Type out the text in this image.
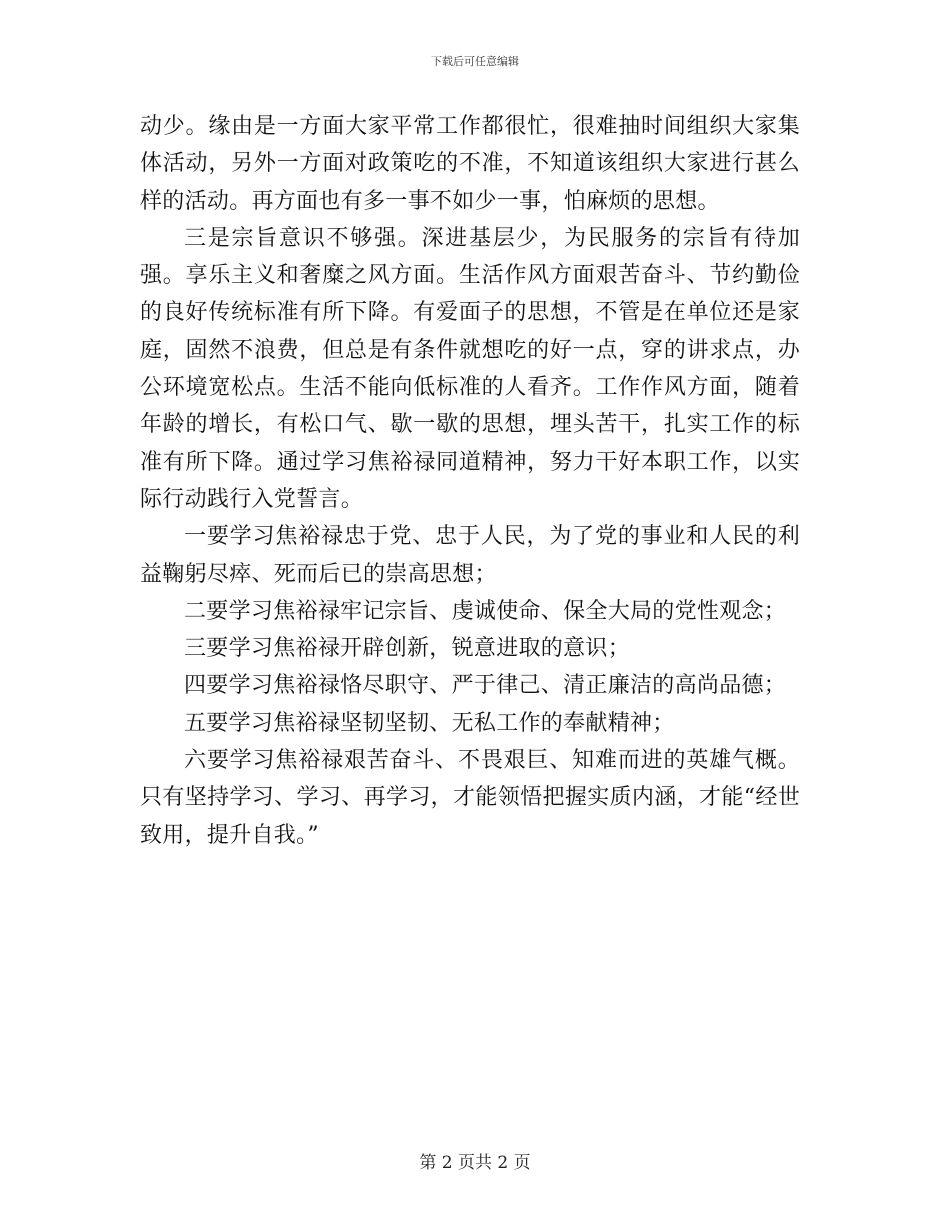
下载后可任意编辑

动少。缘由是一方面大家平常工作都很忙，很难抽时间组织大家集体活动，另外一方面对政策吃的不准，不知道该组织大家进行甚么样的活动。再方面也有多一事不如少一事，怕麻烦的思想。

三是宗旨意识不够强。深进基层少，为民服务的宗旨有待加强。享乐主义和奢糜之风方面。生活作风方面艰苦奋斗、节约勤俭的良好传统标准有所下降。有爱面子的思想，不管是在单位还是家庭，固然不浪费，但总是有条件就想吃的好一点，穿的讲求点，办公环境宽松点。生活不能向低标准的人看齐。工作作风方面，随着年龄的增长，有松口气、歇一歇的思想，埋头苦干，扎实工作的标准有所下降。通过学习焦裕禄同道精神，努力干好本职工作，以实际行动践行入党誓言。

一要学习焦裕禄忠于党、忠于人民，为了党的事业和人民的利益鞠躬尽瘁、死而后已的崇高思想；

二要学习焦裕禄牢记宗旨、虔诚使命、保全大局的党性观念；

三要学习焦裕禄开辟创新，锐意进取的意识；

四要学习焦裕禄恪尽职守、严于律己、清正廉洁的高尚品德；

五要学习焦裕禄坚韧坚韧、无私工作的奉献精神；

六要学习焦裕禄艰苦奋斗、不畏艰巨、知难而进的英雄气概。只有坚持学习、学习、再学习，才能领悟把握实质内涵，才能“经世致用，提升自我。”

第 2 页共 2 页
